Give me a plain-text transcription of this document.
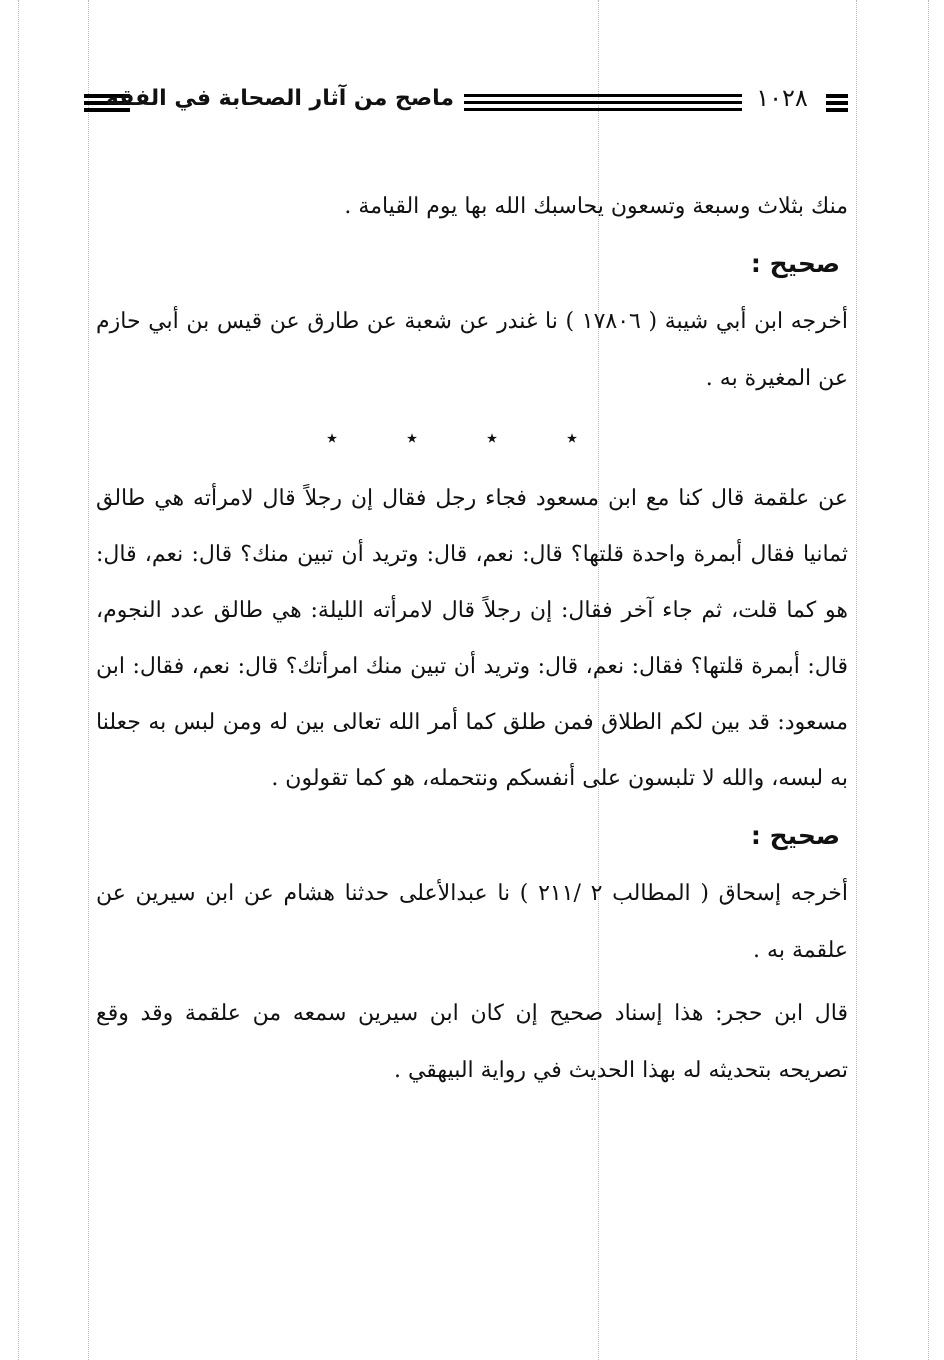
ماصح من آثار الصحابة في الفقه	١٠٢٨

منك بثلاث وسبعة وتسعون يحاسبك الله بها يوم القيامة .

صحيح :

أخرجه ابن أبي شيبة ( ١٧٨٠٦ ) نا غندر عن شعبة عن طارق عن قيس بن أبي حازم عن المغيرة به .

٭
٭
٭
٭

عن علقمة قال كنا مع ابن مسعود فجاء رجل فقال إن رجلاً قال لامرأته هي طالق ثمانيا فقال أبمرة واحدة قلتها؟ قال: نعم، قال: وتريد أن تبين منك؟ قال: نعم، قال: هو كما قلت، ثم جاء آخر فقال: إن رجلاً قال لامرأته الليلة: هي طالق عدد النجوم، قال: أبمرة قلتها؟ فقال: نعم، قال: وتريد أن تبين منك امرأتك؟ قال: نعم، فقال: ابن مسعود: قد بين لكم الطلاق فمن طلق كما أمر الله تعالى بين له ومن لبس به جعلنا به لبسه، والله لا تلبسون على أنفسكم ونتحمله، هو كما تقولون .

صحيح :

أخرجه إسحاق ( المطالب ٢ /٢١١ ) نا عبدالأعلى حدثنا هشام عن ابن سيرين عن علقمة به .

قال ابن حجر: هذا إسناد صحيح إن كان ابن سيرين سمعه من علقمة وقد وقع تصريحه بتحديثه له بهذا الحديث في رواية البيهقي .
